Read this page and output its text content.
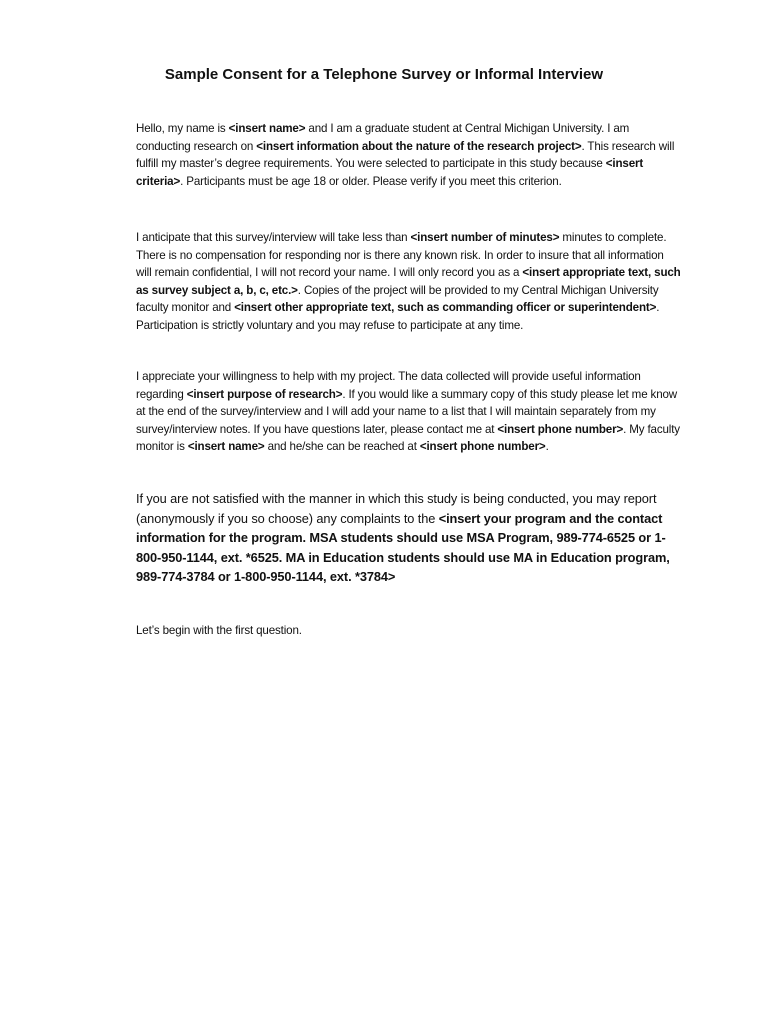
Sample Consent for a Telephone Survey or Informal Interview

Hello, my name is <insert name> and I am a graduate student at Central Michigan University. I am conducting research on <insert information about the nature of the research project>. This research will fulfill my master’s degree requirements. You were selected to participate in this study because <insert criteria>. Participants must be age 18 or older. Please verify if you meet this criterion.

I anticipate that this survey/interview will take less than <insert number of minutes> minutes to complete. There is no compensation for responding nor is there any known risk. In order to insure that all information will remain confidential, I will not record your name. I will only record you as a <insert appropriate text, such as survey subject a, b, c, etc.>. Copies of the project will be provided to my Central Michigan University faculty monitor and <insert other appropriate text, such as commanding officer or superintendent>. Participation is strictly voluntary and you may refuse to participate at any time.

I appreciate your willingness to help with my project. The data collected will provide useful information regarding <insert purpose of research>. If you would like a summary copy of this study please let me know at the end of the survey/interview and I will add your name to a list that I will maintain separately from my survey/interview notes. If you have questions later, please contact me at <insert phone number>. My faculty monitor is <insert name> and he/she can be reached at <insert phone number>.

If you are not satisfied with the manner in which this study is being conducted, you may report (anonymously if you so choose) any complaints to the <insert your program and the contact information for the program. MSA students should use MSA Program, 989-774-6525 or 1-800-950-1144, ext. *6525. MA in Education students should use MA in Education program, 989-774-3784 or 1-800-950-1144, ext. *3784>

Let’s begin with the first question.
